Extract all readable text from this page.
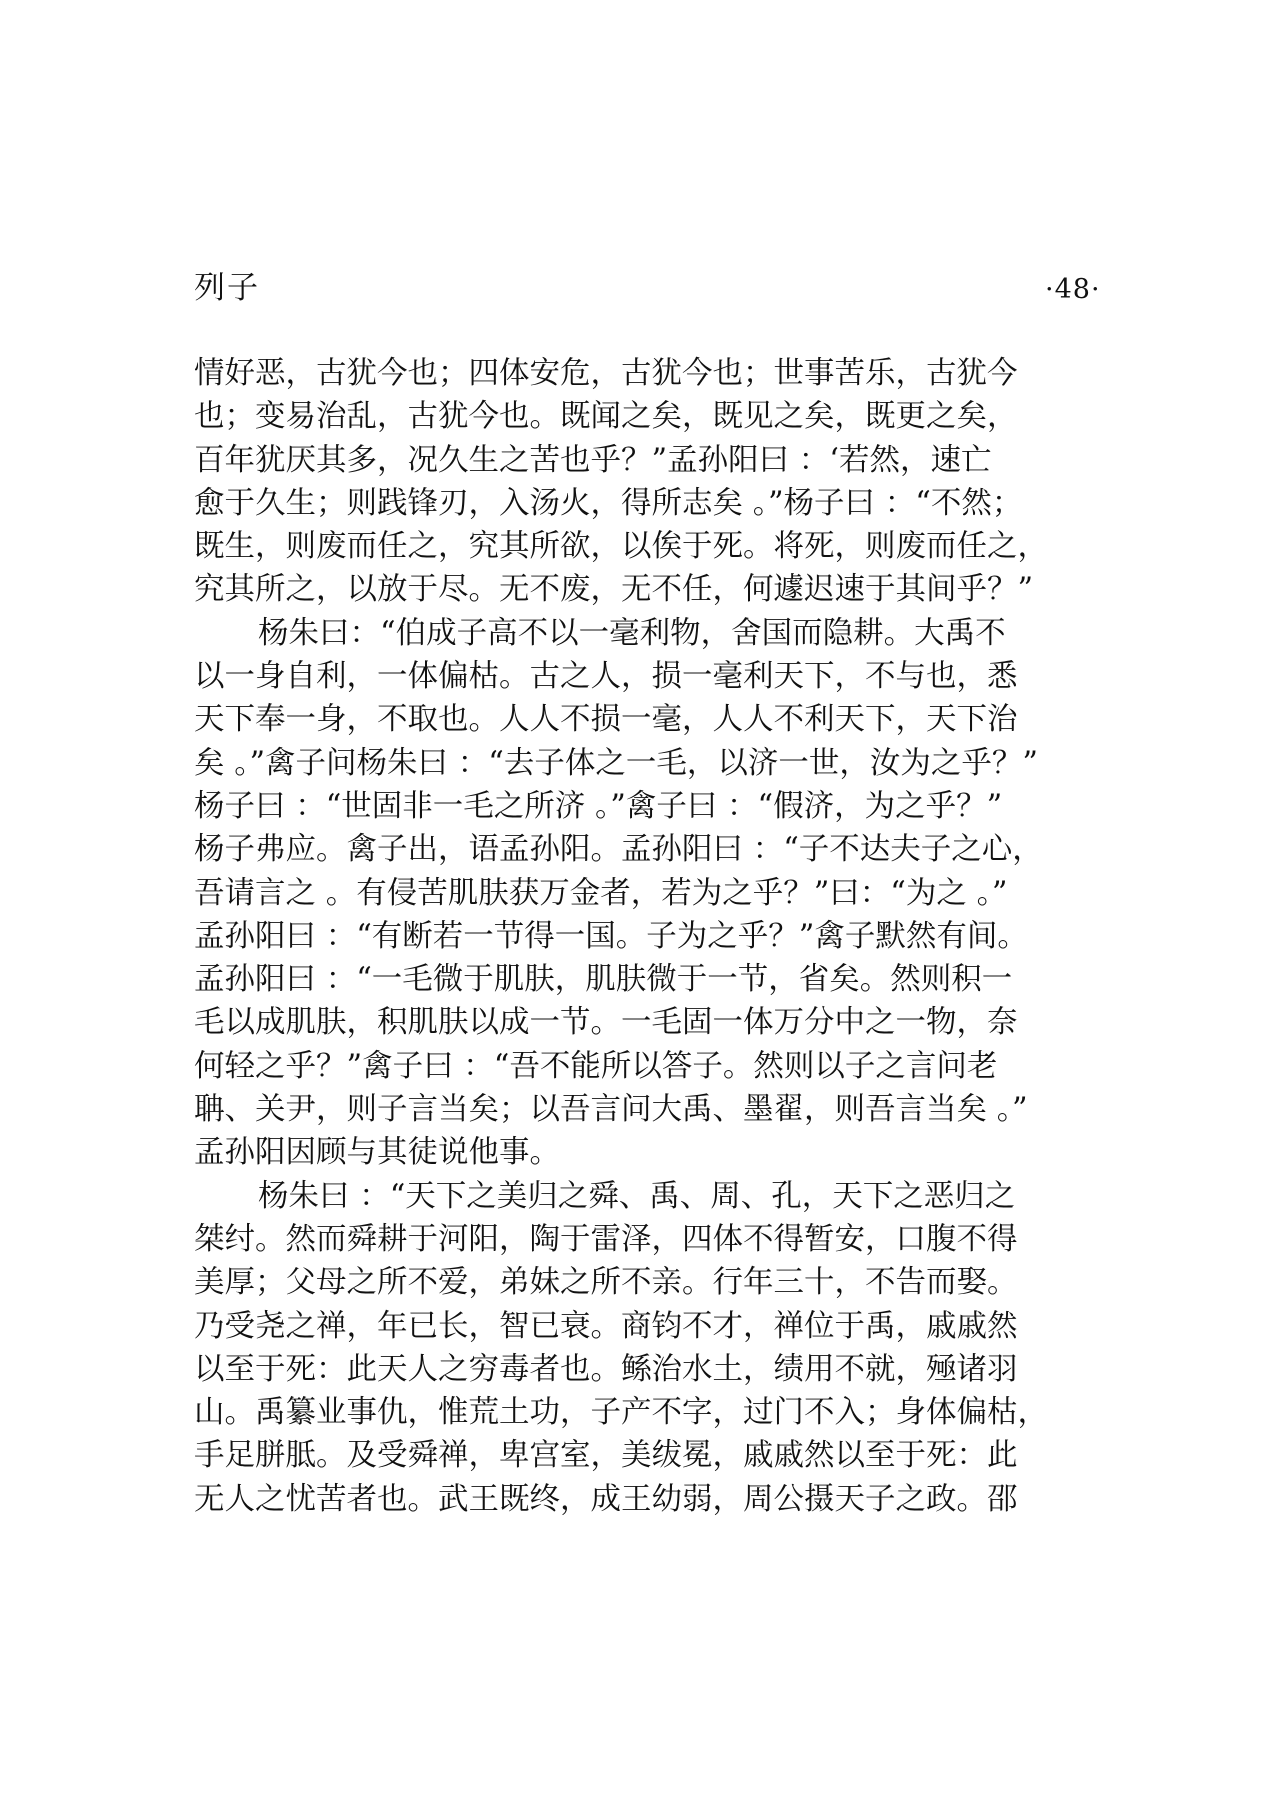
列子	·48·
情好恶，古犹今也；四体安危，古犹今也；世事苦乐，古犹今
也；变易治乱，古犹今也。既闻之矣，既见之矣，既更之矣，
百年犹厌其多，况久生之苦也乎？”孟孙阳曰 ：‘若然，速亡
愈于久生；则践锋刃，入汤火，得所志矣 。”杨子曰 ：“不然；
既生，则废而任之，究其所欲，以俟于死。将死，则废而任之，
究其所之，以放于尽。无不废，无不任，何遽迟速于其间乎？”
杨朱曰：“伯成子高不以一毫利物，舍国而隐耕。大禹不
以一身自利，一体偏枯。古之人，损一毫利天下，不与也，悉
天下奉一身，不取也。人人不损一毫，人人不利天下，天下治
矣 。”禽子问杨朱曰 ：“去子体之一毛，以济一世，汝为之乎？”
杨子曰 ：“世固非一毛之所济 。”禽子曰 ：“假济，为之乎？”
杨子弗应。禽子出，语孟孙阳。孟孙阳曰 ：“子不达夫子之心，
吾请言之 。有侵苦肌肤获万金者，若为之乎？”曰：“为之 。”
孟孙阳曰 ：“有断若一节得一国。子为之乎？”禽子默然有间。
孟孙阳曰 ：“一毛微于肌肤，肌肤微于一节，省矣。然则积一
毛以成肌肤，积肌肤以成一节。一毛固一体万分中之一物，奈
何轻之乎？”禽子曰 ：“吾不能所以答子。然则以子之言问老
聃、关尹，则子言当矣；以吾言问大禹、墨翟，则吾言当矣 。”
孟孙阳因顾与其徒说他事。
杨朱曰 ：“天下之美归之舜、禹、周、孔，天下之恶归之
桀纣。然而舜耕于河阳，陶于雷泽，四体不得暂安，口腹不得
美厚；父母之所不爱，弟妹之所不亲。行年三十，不告而娶。
乃受尧之禅，年已长，智已衰。商钧不才，禅位于禹，戚戚然
以至于死：此天人之穷毒者也。鲧治水土，绩用不就，殛诸羽
山。禹纂业事仇，惟荒土功，子产不字，过门不入；身体偏枯，
手足胼胝。及受舜禅，卑宫室，美绂冕，戚戚然以至于死：此
无人之忧苦者也。武王既终，成王幼弱，周公摄天子之政。邵
